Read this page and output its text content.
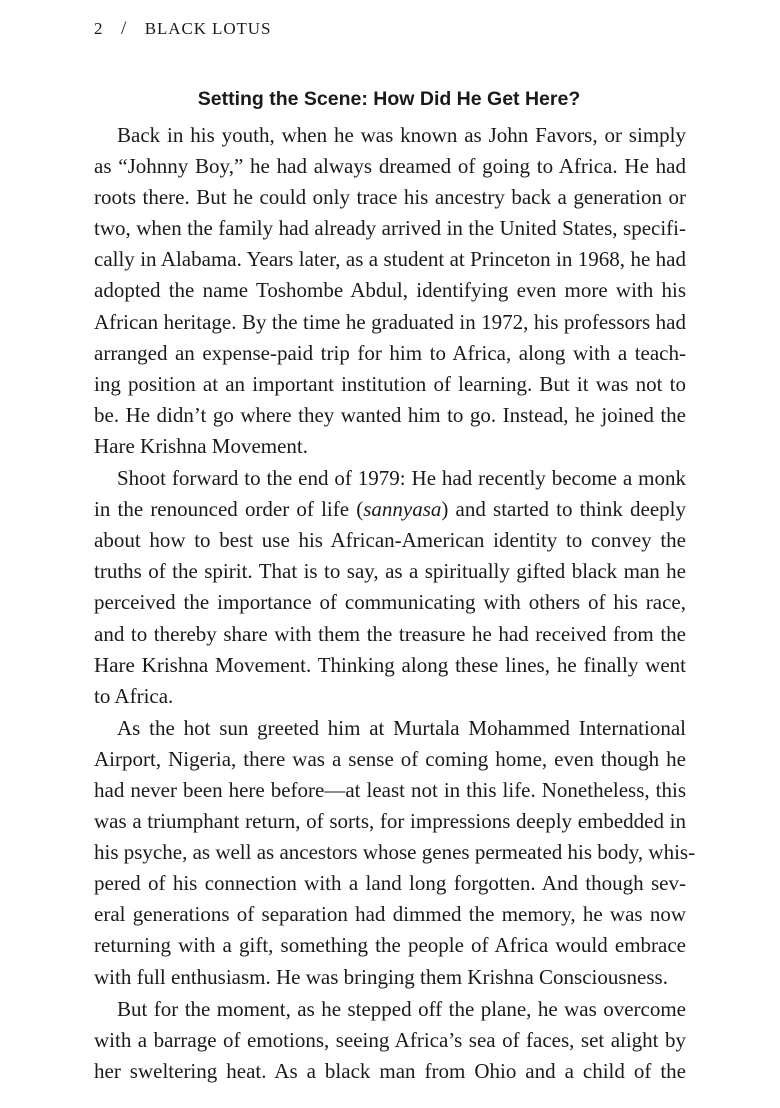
2 / BLACK LOTUS
Setting the Scene: How Did He Get Here?
Back in his youth, when he was known as John Favors, or simply
as “Johnny Boy,” he had always dreamed of going to Africa. He had
roots there. But he could only trace his ancestry back a generation or
two, when the family had already arrived in the United States, specifi-
cally in Alabama. Years later, as a student at Princeton in 1968, he had
adopted the name Toshombe Abdul, identifying even more with his
African heritage. By the time he graduated in 1972, his professors had
arranged an expense-paid trip for him to Africa, along with a teach-
ing position at an important institution of learning. But it was not to
be. He didn’t go where they wanted him to go. Instead, he joined the
Hare Krishna Movement.
Shoot forward to the end of 1979: He had recently become a monk
in the renounced order of life (sannyasa) and started to think deeply
about how to best use his African-American identity to convey the
truths of the spirit. That is to say, as a spiritually gifted black man he
perceived the importance of communicating with others of his race,
and to thereby share with them the treasure he had received from the
Hare Krishna Movement. Thinking along these lines, he finally went
to Africa.
As the hot sun greeted him at Murtala Mohammed International
Airport, Nigeria, there was a sense of coming home, even though he
had never been here before—at least not in this life. Nonetheless, this
was a triumphant return, of sorts, for impressions deeply embedded in
his psyche, as well as ancestors whose genes permeated his body, whis-
pered of his connection with a land long forgotten. And though sev-
eral generations of separation had dimmed the memory, he was now
returning with a gift, something the people of Africa would embrace
with full enthusiasm. He was bringing them Krishna Consciousness.
But for the moment, as he stepped off the plane, he was overcome
with a barrage of emotions, seeing Africa’s sea of faces, set alight by
her sweltering heat. As a black man from Ohio and a child of the
